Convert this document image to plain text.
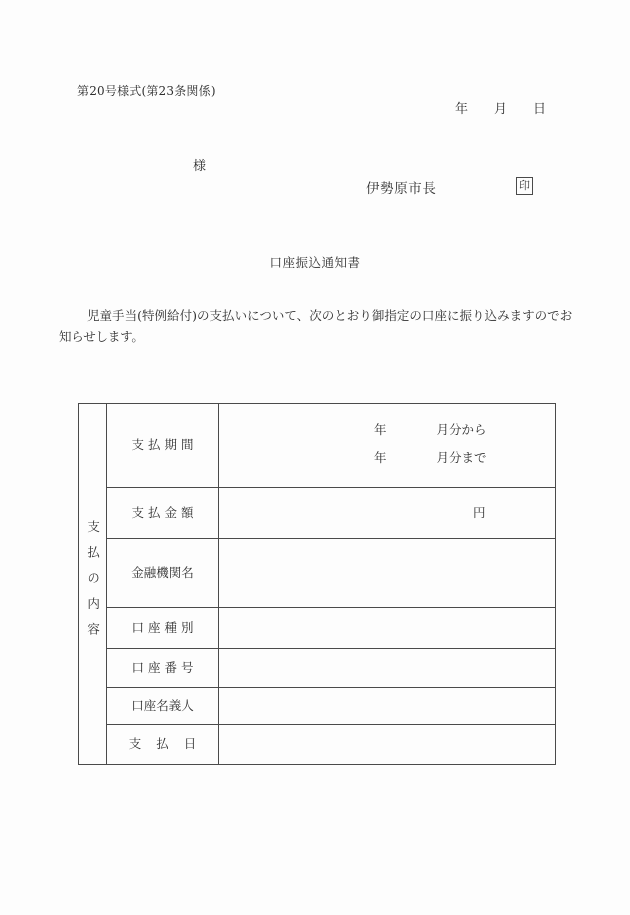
第20号様式(第23条関係)
年　　月　　日
様
伊勢原市長	印
口座振込通知書
児童手当(特例給付)の支払いについて、次のとおり御指定の口座に振り込みますのでお知らせします。
支払の内容
支払期間
年　　　　月分から
年　　　　月分まで
支払金額	円
金融機関名
口座種別
口座番号
口座名義人
支払日
